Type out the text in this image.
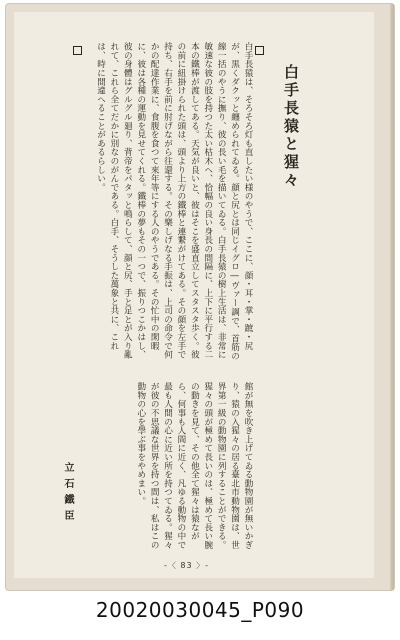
白手長猿は、そろそろ灯も直したい様のやうで、ここに、顔・耳・掌・蹠・尻が、黒くダクッと纏められてゐる。顔と尻とは同じイグロ―ヴァー調で、首筋の線一括のやうに撫り、彼の長い毛を描いてゐる。白手長猿の樹上生活は、非常に敏速な彼の肢を持つた太い枯木へ、恰幅の良い身長の間隔に、上下に平行する二本の鐵棒が渡してある。天気が良いと、彼はそこを盛直立してスタスタ歩く。彼の前に紐掛けられた頭は、頭より上方の鐵棒と連繋がけてある。その顔を左手で持ち、右手を前に肘げながら往還する。その樂しげなる手振は、上司の命令で何かの配達作業に、食腹を食つて來年等にする人のやうである。その忙中の閑暇に、彼は各種の運動を見せてくれる。鐵棒の夢もその一つで、振りつこかはし、彼の身體はグルグル廻り、背帝をパタッと鳴らして、顔と尻、手と足とが入り亂れて、これら全てだかに別なのがんである。白手、そうした萬象と共に、これは、時に間違へることがあるらしい。	白手長猿と猩々
館が無を吹き上げてゐる動物園が無いかぎり、猿の入猩々の居る臺北市動物園は、世界第一級の動物園に列することができる。猩々の頭が極めて長いのは、極めて長い腕の動きを見て、その他全て猩々は猿ながら、何事も人間に近く、凡ゆる動物の中で最も人間の心に近い所を持つてゐる。猩々が彼の不思議な世界を持つ間は、私はこの動物の心を學ぶ事をやめまい。
立石鐵臣
-〈 83 〉-
20020030045_P090
